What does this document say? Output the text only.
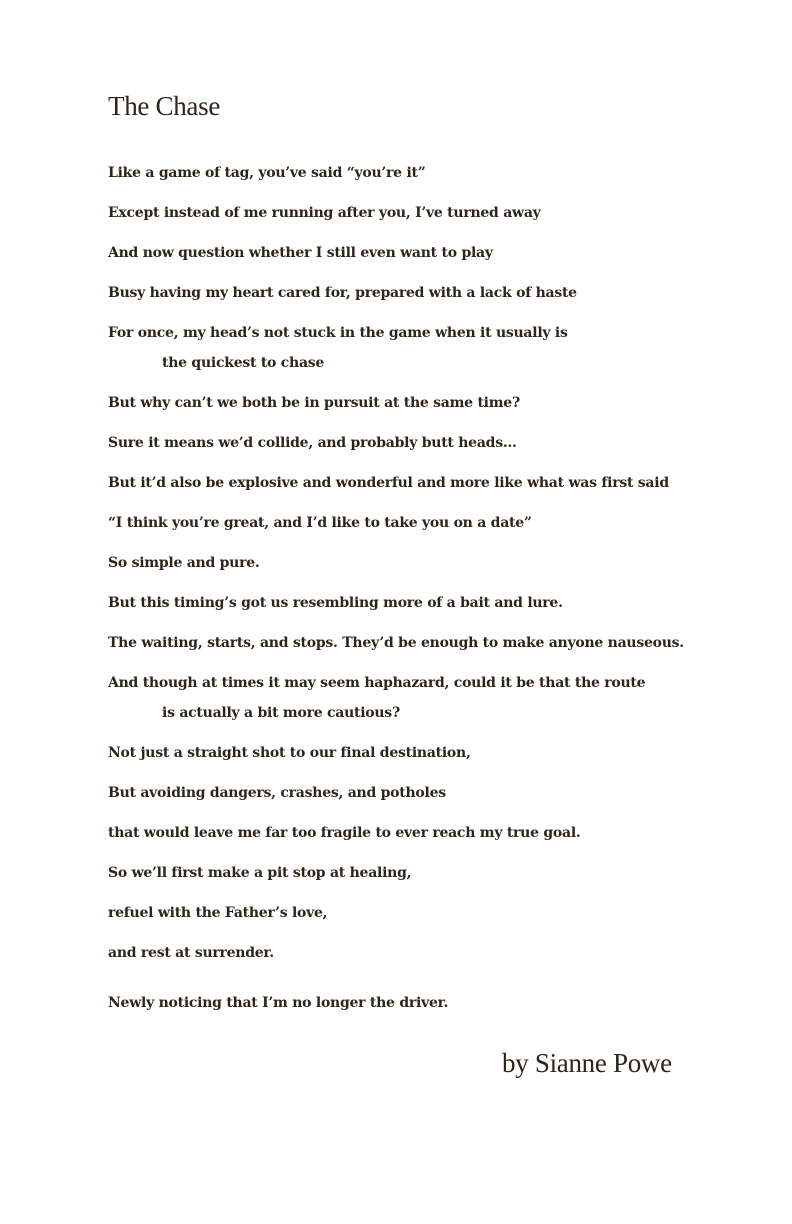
The Chase

Like a game of tag, you’ve said “you’re it”

Except instead of me running after you, I’ve turned away

And now question whether I still even want to play

Busy having my heart cared for, prepared with a lack of haste

For once, my head’s not stuck in the game when it usually is
the quickest to chase

But why can’t we both be in pursuit at the same time?

Sure it means we’d collide, and probably butt heads…

But it’d also be explosive and wonderful and more like what was first said

“I think you’re great, and I’d like to take you on a date”

So simple and pure.

But this timing’s got us resembling more of a bait and lure.

The waiting, starts, and stops. They’d be enough to make anyone nauseous.

And though at times it may seem haphazard, could it be that the route
is actually a bit more cautious?

Not just a straight shot to our final destination,

But avoiding dangers, crashes, and potholes

that would leave me far too fragile to ever reach my true goal.

So we’ll first make a pit stop at healing,

refuel with the Father’s love,

and rest at surrender.

Newly noticing that I’m no longer the driver.

by Sianne Powe
